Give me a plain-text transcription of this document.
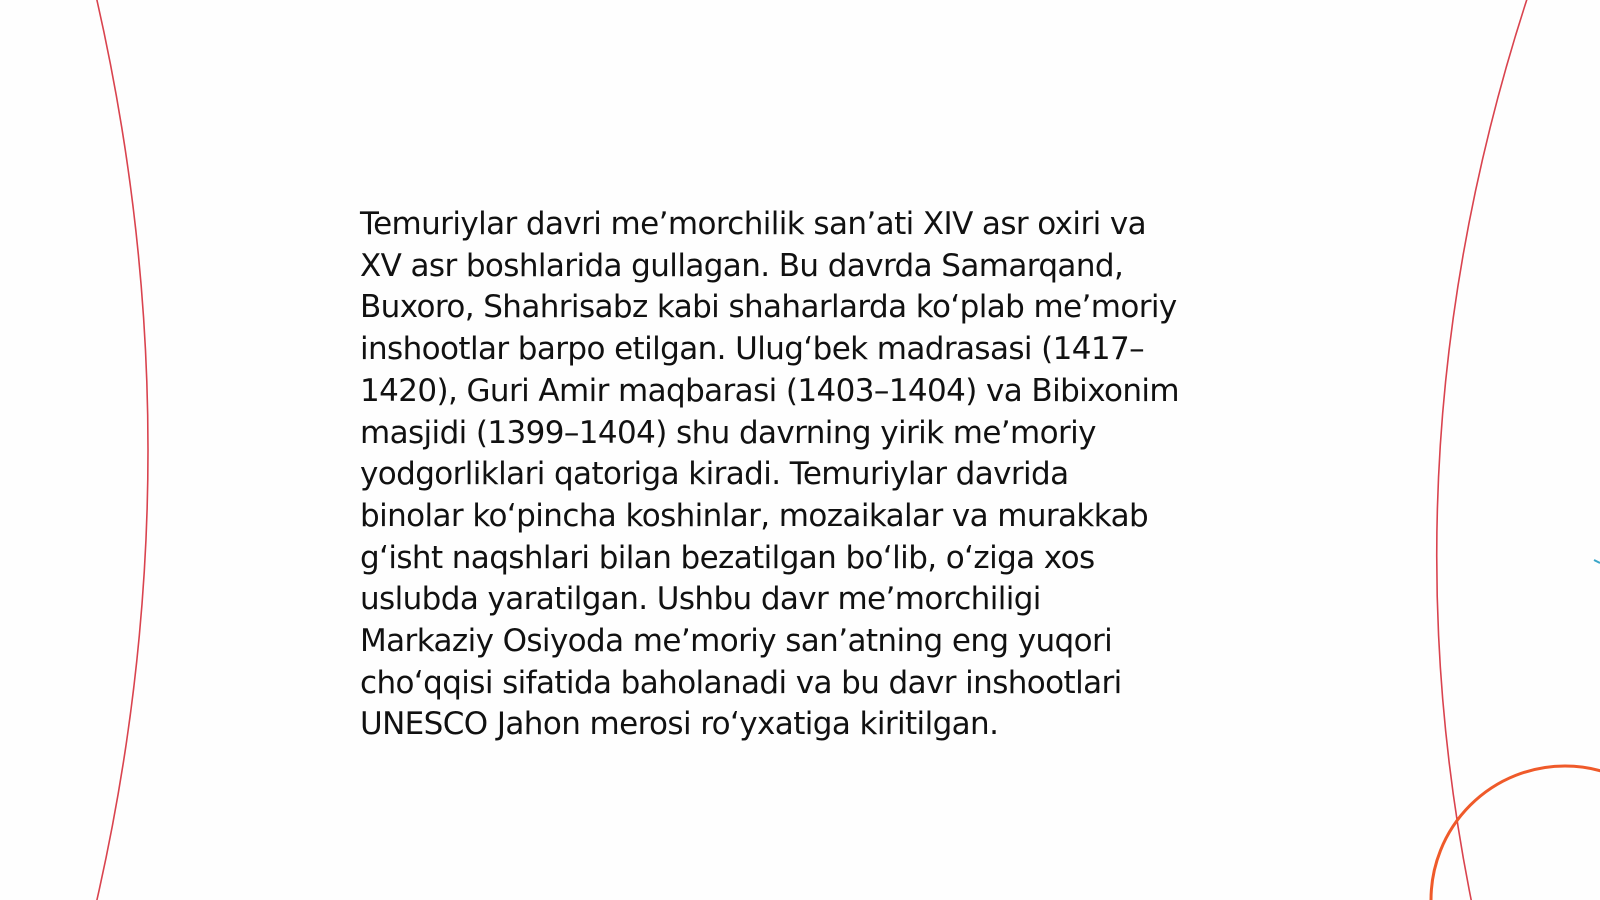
Temuriylar davri me’morchilik san’ati XIV asr oxiri va
XV asr boshlarida gullagan. Bu davrda Samarqand,
Buxoro, Shahrisabz kabi shaharlarda koʻplab me’moriy
inshootlar barpo etilgan. Ulugʻbek madrasasi (1417–
1420), Guri Amir maqbarasi (1403–1404) va Bibixonim
masjidi (1399–1404) shu davrning yirik me’moriy
yodgorliklari qatoriga kiradi. Temuriylar davrida
binolar koʻpincha koshinlar, mozaikalar va murakkab
gʻisht naqshlari bilan bezatilgan boʻlib, oʻziga xos
uslubda yaratilgan. Ushbu davr me’morchiligi
Markaziy Osiyoda me’moriy san’atning eng yuqori
choʻqqisi sifatida baholanadi va bu davr inshootlari
UNESCO Jahon merosi roʻyxatiga kiritilgan.
